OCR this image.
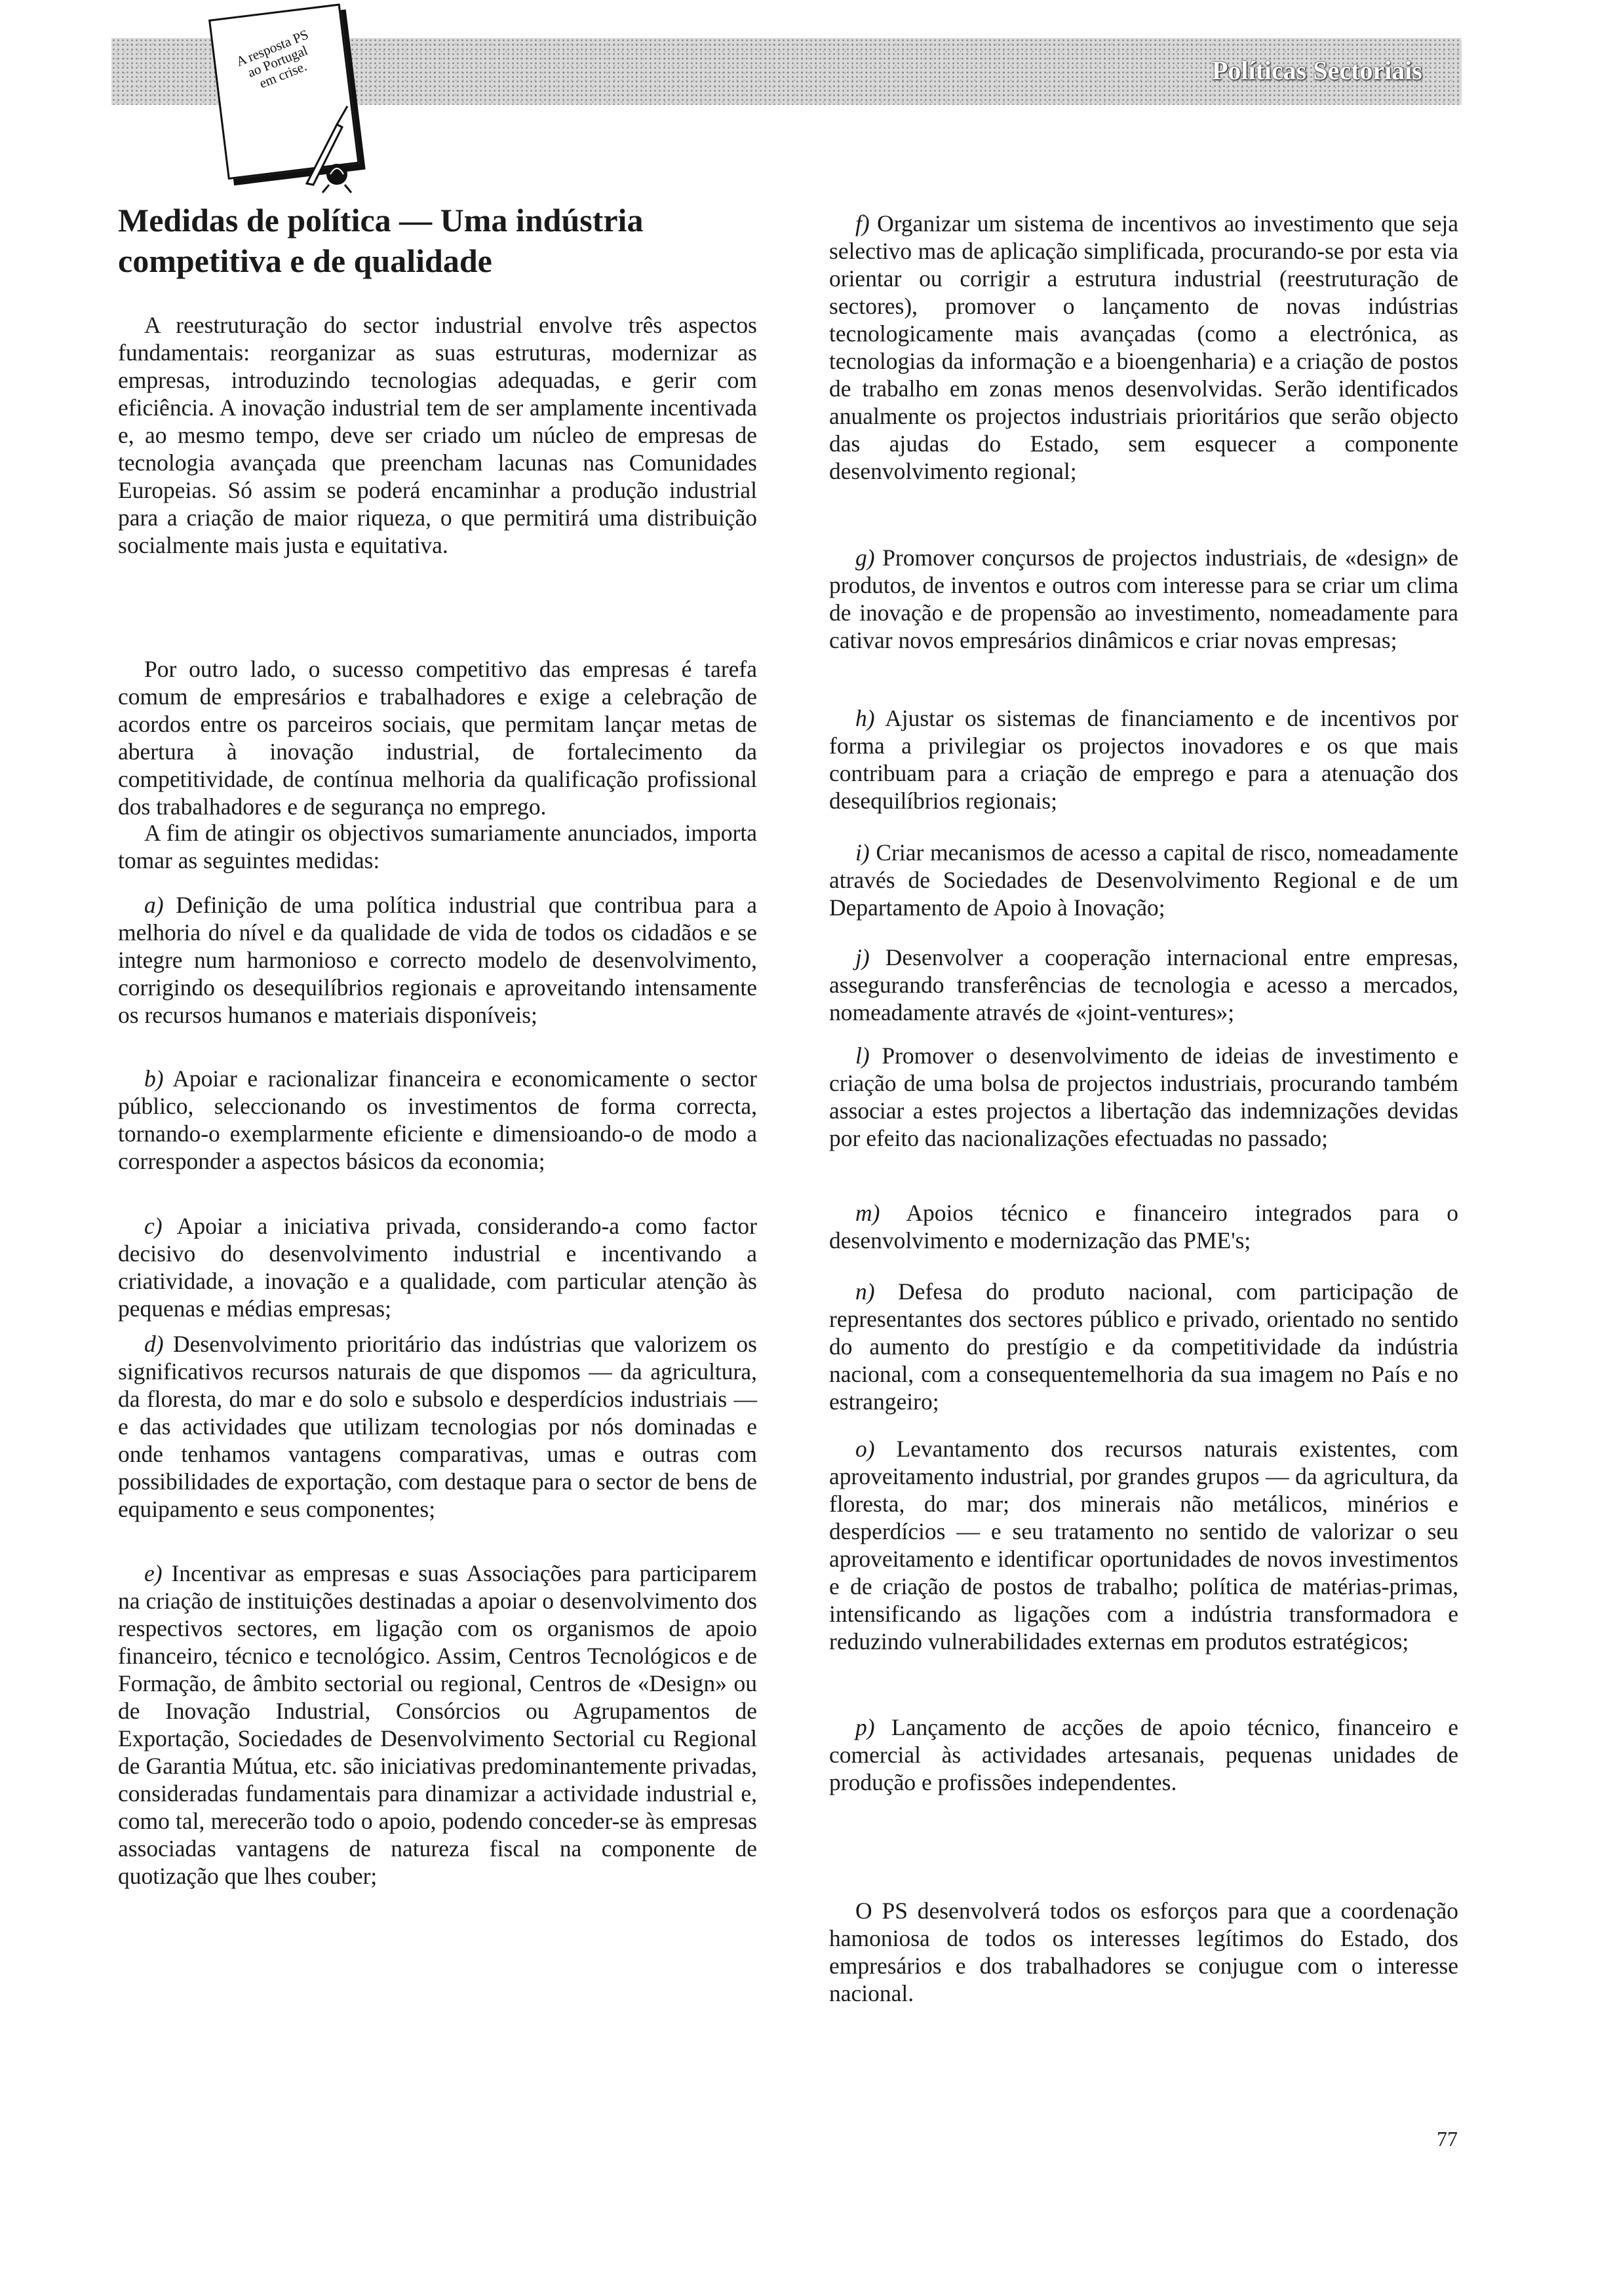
Políticas Sectoriais
A resposta PS ao Portugal em crise.
Medidas de política — Uma indústria competitiva e de qualidade

A reestruturação do sector industrial envolve três aspectos fundamentais: reorganizar as suas estruturas, modernizar as empresas, introduzindo tecnologias adequadas, e gerir com eficiência. A inovação industrial tem de ser amplamente incentivada e, ao mesmo tempo, deve ser criado um núcleo de empresas de tecnologia avançada que preencham lacunas nas Comunidades Europeias. Só assim se poderá encaminhar a produção industrial para a criação de maior riqueza, o que permitirá uma distribuição socialmente mais justa e equitativa.

Por outro lado, o sucesso competitivo das empresas é tarefa comum de empresários e trabalhadores e exige a celebração de acordos entre os parceiros sociais, que permitam lançar metas de abertura à inovação industrial, de fortalecimento da competitividade, de contínua melhoria da qualificação profissional dos trabalhadores e de segurança no emprego.

A fim de atingir os objectivos sumariamente anunciados, importa tomar as seguintes medidas:

a) Definição de uma política industrial que contribua para a melhoria do nível e da qualidade de vida de todos os cidadãos e se integre num harmonioso e correcto modelo de desenvolvimento, corrigindo os desequilíbrios regionais e aproveitando intensamente os recursos humanos e materiais disponíveis;

b) Apoiar e racionalizar financeira e economicamente o sector público, seleccionando os investimentos de forma correcta, tornando-o exemplarmente eficiente e dimensioando-o de modo a corresponder a aspectos básicos da economia;

c) Apoiar a iniciativa privada, considerando-a como factor decisivo do desenvolvimento industrial e incentivando a criatividade, a inovação e a qualidade, com particular atenção às pequenas e médias empresas;

d) Desenvolvimento prioritário das indústrias que valorizem os significativos recursos naturais de que dispomos — da agricultura, da floresta, do mar e do solo e subsolo e desperdícios industriais — e das actividades que utilizam tecnologias por nós dominadas e onde tenhamos vantagens comparativas, umas e outras com possibilidades de exportação, com destaque para o sector de bens de equipamento e seus componentes;

e) Incentivar as empresas e suas Associações para participarem na criação de instituições destinadas a apoiar o desenvolvimento dos respectivos sectores, em ligação com os organismos de apoio financeiro, técnico e tecnológico. Assim, Centros Tecnológicos e de Formação, de âmbito sectorial ou regional, Centros de «Design» ou de Inovação Industrial, Consórcios ou Agrupamentos de Exportação, Sociedades de Desenvolvimento Sectorial cu Regional de Garantia Mútua, etc. são iniciativas predominantemente privadas, consideradas fundamentais para dinamizar a actividade industrial e, como tal, merecerão todo o apoio, podendo conceder-se às empresas associadas vantagens de natureza fiscal na componente de quotização que lhes couber;

f) Organizar um sistema de incentivos ao investimento que seja selectivo mas de aplicação simplificada, procurando-se por esta via orientar ou corrigir a estrutura industrial (reestruturação de sectores), promover o lançamento de novas indústrias tecnologicamente mais avançadas (como a electrónica, as tecnologias da informação e a bioengenharia) e a criação de postos de trabalho em zonas menos desenvolvidas. Serão identificados anualmente os projectos industriais prioritários que serão objecto das ajudas do Estado, sem esquecer a componente desenvolvimento regional;

g) Promover conçursos de projectos industriais, de «design» de produtos, de inventos e outros com interesse para se criar um clima de inovação e de propensão ao investimento, nomeadamente para cativar novos empresários dinâmicos e criar novas empresas;

h) Ajustar os sistemas de financiamento e de incentivos por forma a privilegiar os projectos inovadores e os que mais contribuam para a criação de emprego e para a atenuação dos desequilíbrios regionais;

i) Criar mecanismos de acesso a capital de risco, nomeadamente através de Sociedades de Desenvolvimento Regional e de um Departamento de Apoio à Inovação;

j) Desenvolver a cooperação internacional entre empresas, assegurando transferências de tecnologia e acesso a mercados, nomeadamente através de «joint-ventures»;

l) Promover o desenvolvimento de ideias de investimento e criação de uma bolsa de projectos industriais, procurando também associar a estes projectos a libertação das indemnizações devidas por efeito das nacionalizações efectuadas no passado;

m) Apoios técnico e financeiro integrados para o desenvolvimento e modernização das PME's;

n) Defesa do produto nacional, com participação de representantes dos sectores público e privado, orientado no sentido do aumento do prestígio e da competitividade da indústria nacional, com a consequentemelhoria da sua imagem no País e no estrangeiro;

o) Levantamento dos recursos naturais existentes, com aproveitamento industrial, por grandes grupos — da agricultura, da floresta, do mar; dos minerais não metálicos, minérios e desperdícios — e seu tratamento no sentido de valorizar o seu aproveitamento e identificar oportunidades de novos investimentos e de criação de postos de trabalho; política de matérias-primas, intensificando as ligações com a indústria transformadora e reduzindo vulnerabilidades externas em produtos estratégicos;

p) Lançamento de acções de apoio técnico, financeiro e comercial às actividades artesanais, pequenas unidades de produção e profissões independentes.

O PS desenvolverá todos os esforços para que a coordenação hamoniosa de todos os interesses legítimos do Estado, dos empresários e dos trabalhadores se conjugue com o interesse nacional.

77
